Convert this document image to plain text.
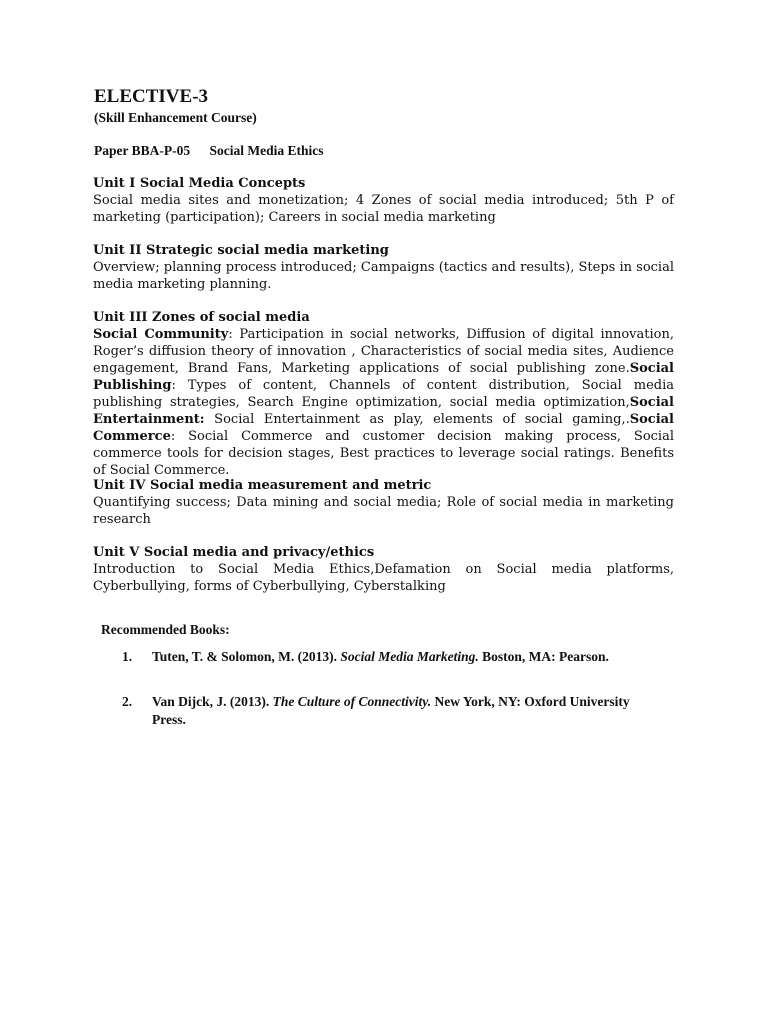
ELECTIVE-3
(Skill Enhancement Course)
Paper BBA-P-05 Social Media Ethics
Unit I Social Media Concepts

Social media sites and monetization; 4 Zones of social media introduced; 5th P of marketing (participation); Careers in social media marketing

Unit II Strategic social media marketing

Overview; planning process introduced; Campaigns (tactics and results), Steps in social media marketing planning.

Unit III Zones of social media

Social Community: Participation in social networks, Diffusion of digital innovation, Roger’s diffusion theory of innovation , Characteristics of social media sites, Audience engagement, Brand Fans, Marketing applications of social publishing zone.Social Publishing: Types of content, Channels of content distribution, Social media publishing strategies, Search Engine optimization, social media optimization,Social Entertainment: Social Entertainment as play, elements of social gaming,.Social Commerce: Social Commerce and customer decision making process, Social commerce tools for decision stages, Best practices to leverage social ratings. Benefits of Social Commerce.

Unit IV Social media measurement and metric

Quantifying success; Data mining and social media; Role of social media in marketing research

Unit V Social media and privacy/ethics

Introduction to Social Media Ethics,Defamation on Social media platforms, Cyberbullying, forms of Cyberbullying, Cyberstalking

Recommended Books:
1. Tuten, T. & Solomon, M. (2013). Social Media Marketing. Boston, MA: Pearson.
2. Van Dijck, J. (2013). The Culture of Connectivity. New York, NY: Oxford University Press.
